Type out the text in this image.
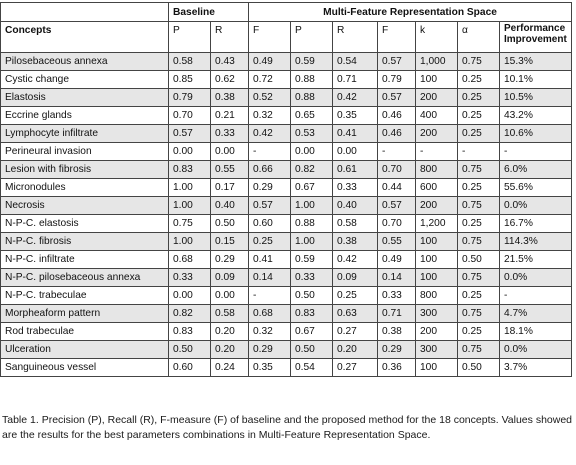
	Baseline		Multi-Feature Representation Space						
Concepts	P	R	F	P	R	F	k	α	Performance Improvement
Pilosebaceous annexa	0.58	0.43	0.49	0.59	0.54	0.57	1,000	0.75	15.3%
Cystic change	0.85	0.62	0.72	0.88	0.71	0.79	100	0.25	10.1%
Elastosis	0.79	0.38	0.52	0.88	0.42	0.57	200	0.25	10.5%
Eccrine glands	0.70	0.21	0.32	0.65	0.35	0.46	400	0.25	43.2%
Lymphocyte infiltrate	0.57	0.33	0.42	0.53	0.41	0.46	200	0.25	10.6%
Perineural invasion	0.00	0.00	-	0.00	0.00	-	-	-	-
Lesion with fibrosis	0.83	0.55	0.66	0.82	0.61	0.70	800	0.75	6.0%
Micronodules	1.00	0.17	0.29	0.67	0.33	0.44	600	0.25	55.6%
Necrosis	1.00	0.40	0.57	1.00	0.40	0.57	200	0.75	0.0%
N-P-C. elastosis	0.75	0.50	0.60	0.88	0.58	0.70	1,200	0.25	16.7%
N-P-C. fibrosis	1.00	0.15	0.25	1.00	0.38	0.55	100	0.75	114.3%
N-P-C. infiltrate	0.68	0.29	0.41	0.59	0.42	0.49	100	0.50	21.5%
N-P-C. pilosebaceous annexa	0.33	0.09	0.14	0.33	0.09	0.14	100	0.75	0.0%
N-P-C. trabeculae	0.00	0.00	-	0.50	0.25	0.33	800	0.25	-
Morpheaform pattern	0.82	0.58	0.68	0.83	0.63	0.71	300	0.75	4.7%
Rod trabeculae	0.83	0.20	0.32	0.67	0.27	0.38	200	0.25	18.1%
Ulceration	0.50	0.20	0.29	0.50	0.20	0.29	300	0.75	0.0%
Sanguineous vessel	0.60	0.24	0.35	0.54	0.27	0.36	100	0.50	3.7%
Table 1. Precision (P), Recall (R), F-measure (F) of baseline and the proposed method for the 18 concepts. Values showed are the results for the best parameters combinations in Multi-Feature Representation Space.
